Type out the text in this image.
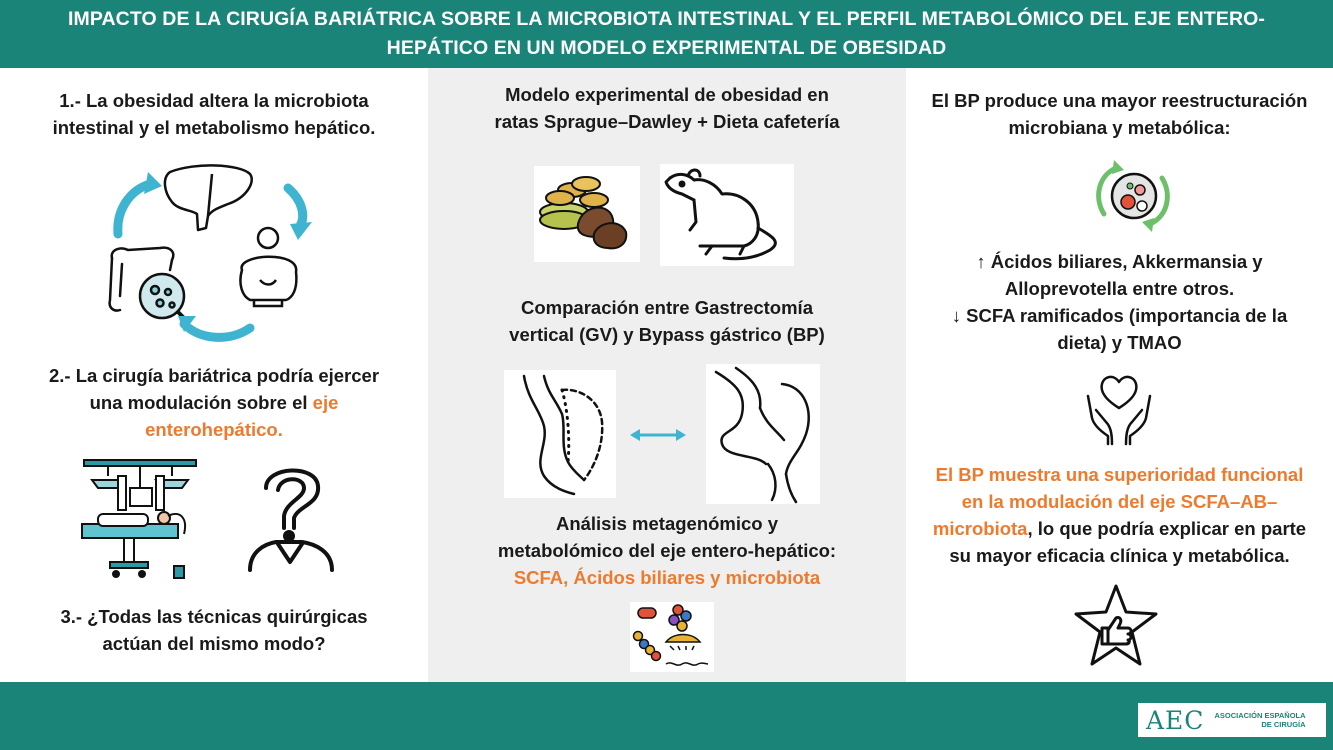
IMPACTO DE LA CIRUGÍA BARIÁTRICA SOBRE LA MICROBIOTA INTESTINAL Y EL PERFIL METABOLÓMICO DEL EJE ENTERO-
HEPÁTICO EN UN MODELO EXPERIMENTAL DE OBESIDAD
1.- La obesidad altera la microbiota
intestinal y el metabolismo hepático.
2.- La cirugía bariátrica podría ejercer
una modulación sobre el eje
enterohepático.
3.- ¿Todas las técnicas quirúrgicas
actúan del mismo modo?
Modelo experimental de obesidad en
ratas Sprague–Dawley + Dieta cafetería
Comparación entre Gastrectomía
vertical (GV) y Bypass gástrico (BP)
Análisis metagenómico y
metabolómico del eje entero-hepático:
SCFA, Ácidos biliares y microbiota
El BP produce una mayor reestructuración
microbiana y metabólica:
↑ Ácidos biliares, Akkermansia y
Alloprevotella entre otros.
↓ SCFA ramificados (importancia de la
dieta) y TMAO
El BP muestra una superioridad funcional
en la modulación del eje SCFA–AB–
microbiota, lo que podría explicar en parte
su mayor eficacia clínica y metabólica.
AEC ASOCIACIÓN ESPAÑOLA
DE CIRUGÍA
